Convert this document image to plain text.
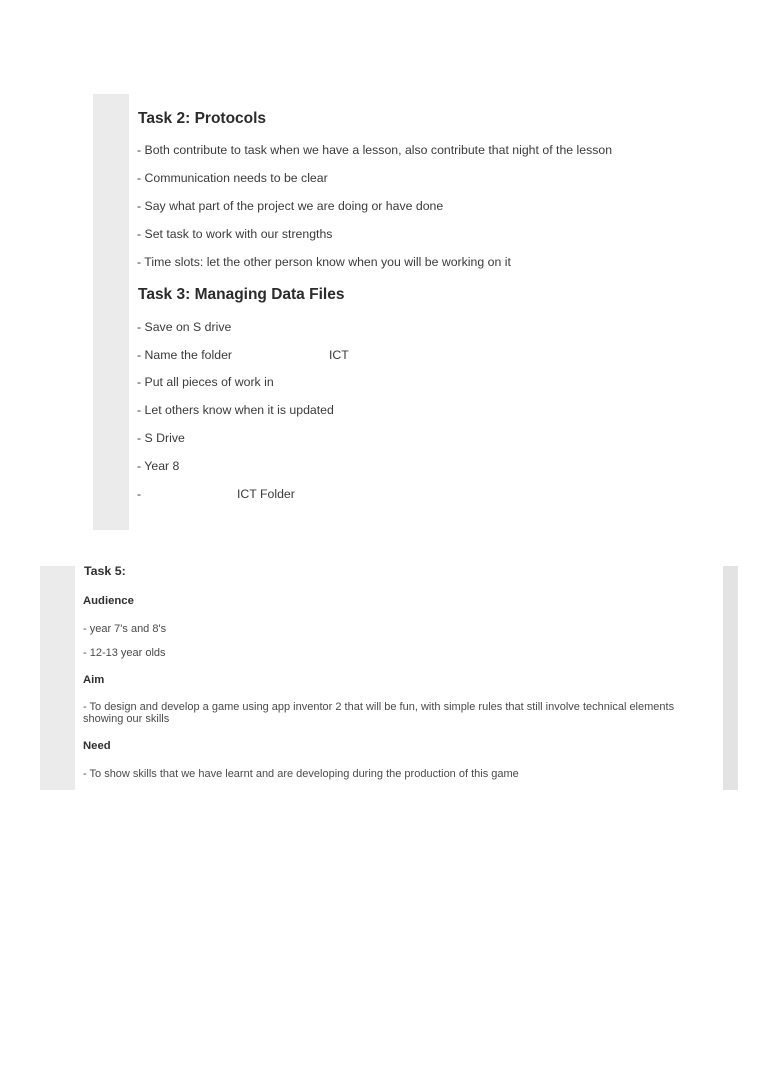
Task 2: Protocols

- Both contribute to task when we have a lesson, also contribute that night of the lesson

- Communication needs to be clear

- Say what part of the project we are doing or have done

- Set task to work with our strengths

- Time slots: let the other person know when you will be working on it

Task 3: Managing Data Files

- Save on S drive

- Name the folder	ICT

- Put all pieces of work in

- Let others know when it is updated

- S Drive

- Year 8

-	ICT Folder

Task 5:
Audience

- year 7's and 8's

- 12-13 year olds

Aim

- To design and develop a game using app inventor 2 that will be fun, with simple rules that still involve technical elements showing our skills

Need

- To show skills that we have learnt and are developing during the production of this game
